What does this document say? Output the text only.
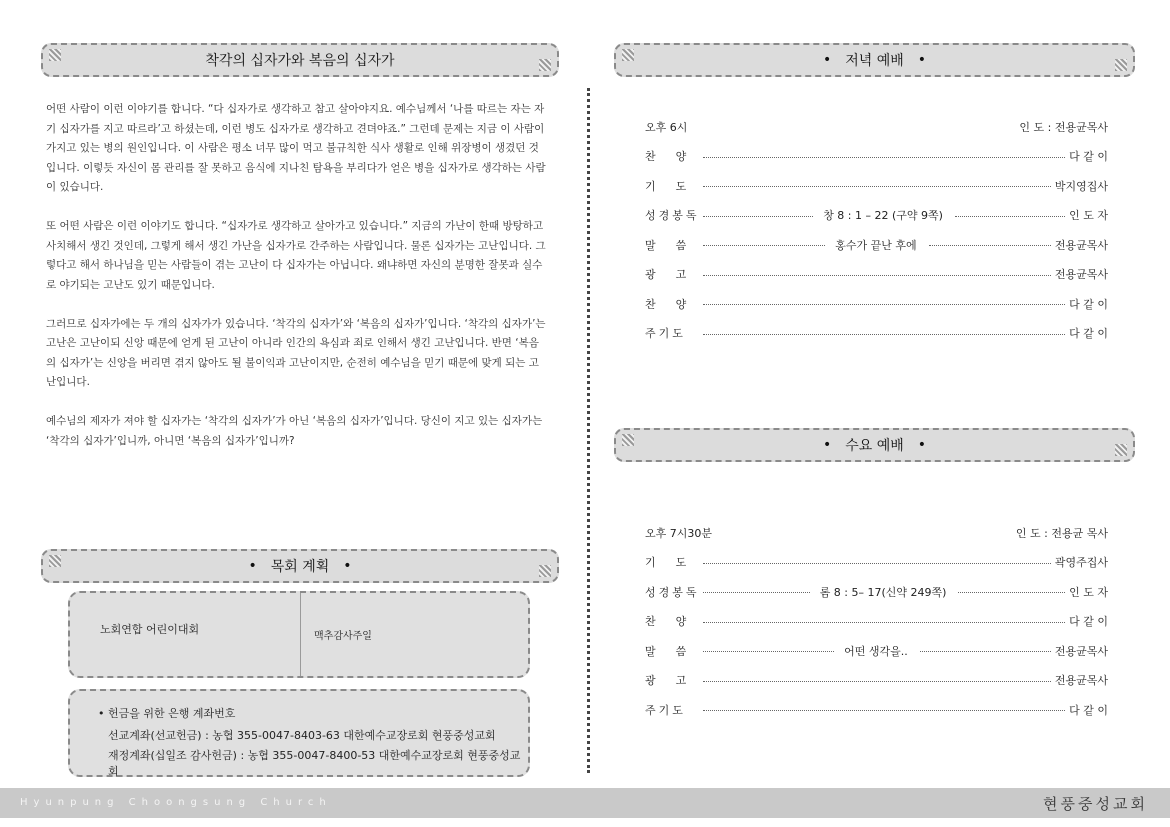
착각의 십자가와 복음의 십자가

어떤 사람이 이런 이야기를 합니다. “다 십자가로 생각하고 참고 살아야지요. 예수님께서 ‘나를 따르는 자는 자기 십자가를 지고 따르라’고 하셨는데, 이런 병도 십자가로 생각하고 견뎌야죠.” 그런데 문제는 지금 이 사람이 가지고 있는 병의 원인입니다. 이 사람은 평소 너무 많이 먹고 불규칙한 식사 생활로 인해 위장병이 생겼던 것입니다. 이렇듯 자신이 몸 관리를 잘 못하고 음식에 지나친 탐욕을 부리다가 얻은 병을 십자가로 생각하는 사람이 있습니다.

또 어떤 사람은 이런 이야기도 합니다. “십자가로 생각하고 살아가고 있습니다.” 지금의 가난이 한때 방탕하고 사치해서 생긴 것인데, 그렇게 해서 생긴 가난을 십자가로 간주하는 사람입니다. 물론 십자가는 고난입니다. 그렇다고 해서 하나님을 믿는 사람들이 겪는 고난이 다 십자가는 아닙니다. 왜냐하면 자신의 분명한 잘못과 실수로 야기되는 고난도 있기 때문입니다.

그러므로 십자가에는 두 개의 십자가가 있습니다. ‘착각의 십자가’와 ‘복음의 십자가’입니다. ‘착각의 십자가’는 고난은 고난이되 신앙 때문에 얻게 된 고난이 아니라 인간의 욕심과 죄로 인해서 생긴 고난입니다. 반면 ‘복음의 십자가’는 신앙을 버리면 겪지 않아도 될 불이익과 고난이지만, 순전히 예수님을 믿기 때문에 맞게 되는 고난입니다.

예수님의 제자가 져야 할 십자가는 ‘착각의 십자가’가 아닌 ‘복음의 십자가’입니다. 당신이 지고 있는 십자가는 ‘착각의 십자가’입니까, 아니면 ‘복음의 십자가’입니까?

• 목회 계획 •
노회연합 어린이대회
맥추감사주일
• 헌금을 위한 은행 계좌번호
선교계좌(선교헌금) : 농협 355-0047-8403-63 대한예수교장로회 현풍중성교회
재정계좌(십일조 감사헌금) : 농협 355-0047-8400-53 대한예수교장로회 현풍중성교회
• 저녁 예배 •
오후 6시	인 도 : 전용균목사
찬양	다 같 이
기도	박지영집사
성경봉독	창 8 : 1 – 22 (구약 9쪽)	인 도 자
말씀	홍수가 끝난 후에	전용균목사
광고	전용균목사
찬양	다 같 이
주기도	다 같 이
• 수요 예배 •
오후 7시30분	인 도 : 전용균 목사
기도	곽영주집사
성경봉독	롬 8 : 5– 17(신약 249쪽)	인 도 자
찬양	다 같 이
말씀	어떤 생각을..	전용균목사
광고	전용균목사
주기도	다 같 이
Hyunpung Choongsung Church	현풍중성교회
